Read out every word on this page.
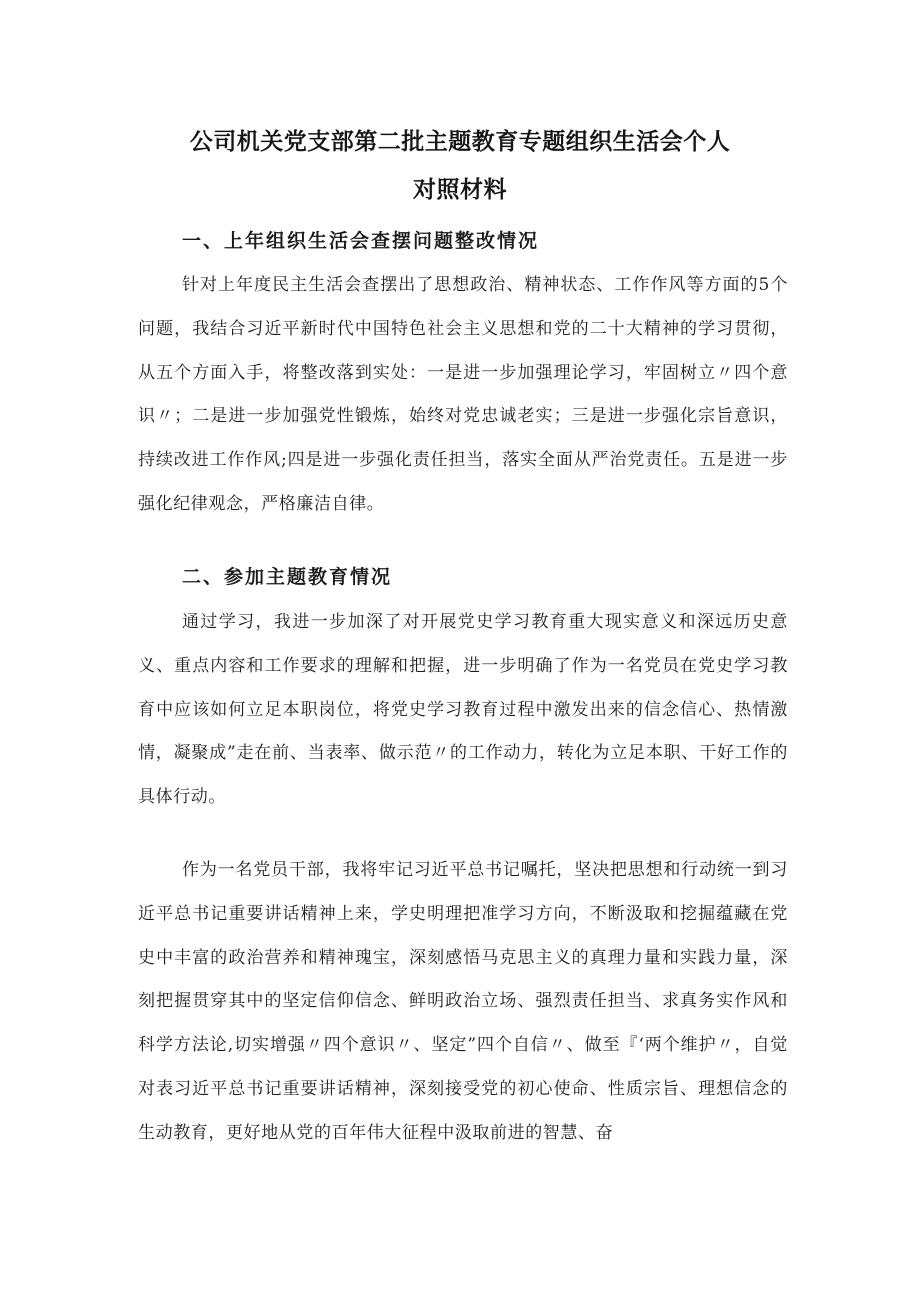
公司机关党支部第二批主题教育专题组织生活会个人
对照材料
一、上年组织生活会查摆问题整改情况

针对上年度民主生活会查摆出了思想政治、精神状态、工作作风等方面的5个问题，我结合习近平新时代中国特色社会主义思想和党的二十大精神的学习贯彻，从五个方面入手，将整改落到实处：一是进一步加强理论学习，牢固树立〃四个意识〃；二是进一步加强党性锻炼，始终对党忠诚老实；三是进一步强化宗旨意识，持续改进工作作风;四是进一步强化责任担当，落实全面从严治党责任。五是进一步强化纪律观念，严格廉洁自律。

二、参加主题教育情况

通过学习，我进一步加深了对开展党史学习教育重大现实意义和深远历史意义、重点内容和工作要求的理解和把握，进一步明确了作为一名党员在党史学习教育中应该如何立足本职岗位，将党史学习教育过程中激发出来的信念信心、热情激情，凝聚成”走在前、当表率、做示范〃的工作动力，转化为立足本职、干好工作的具体行动。

作为一名党员干部，我将牢记习近平总书记嘱托，坚决把思想和行动统一到习近平总书记重要讲话精神上来，学史明理把准学习方向，不断汲取和挖掘蕴藏在党史中丰富的政治营养和精神瑰宝，深刻感悟马克思主义的真理力量和实践力量，深刻把握贯穿其中的坚定信仰信念、鲜明政治立场、强烈责任担当、求真务实作风和科学方法论,切实增强〃四个意识〃、坚定”四个自信〃、做至『‘两个维护〃，自觉对表习近平总书记重要讲话精神，深刻接受党的初心使命、性质宗旨、理想信念的生动教育，更好地从党的百年伟大征程中汲取前进的智慧、奋
